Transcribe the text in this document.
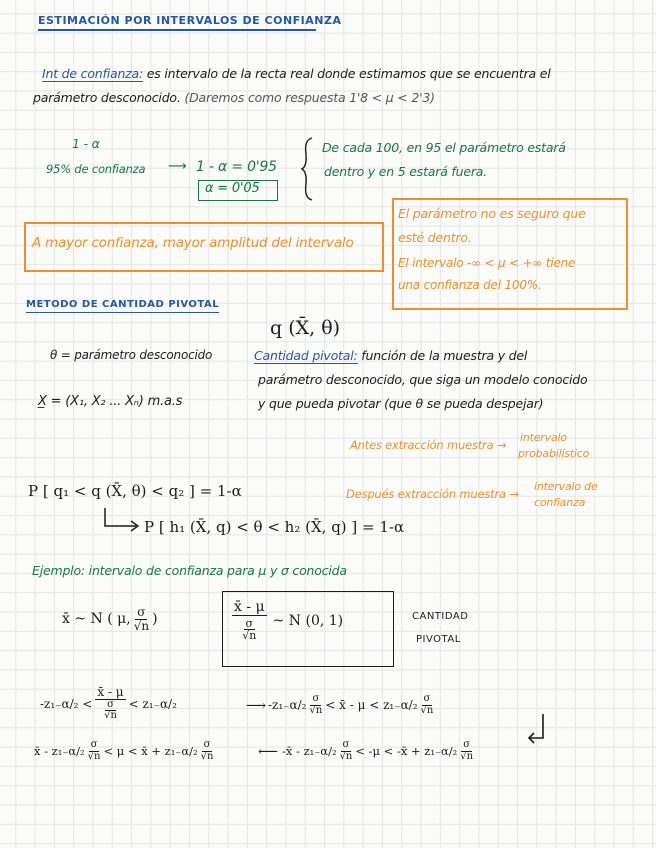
ESTIMACIÓN POR INTERVALOS DE CONFIANZA
Int de confianza: es intervalo de la recta real donde estimamos que se encuentra el
parámetro desconocido. (Daremos como respuesta 1'8 < μ < 2'3)
1 - α
95% de confianza ⟶ 1 - α = 0'95
α = 0'05
De cada 100, en 95 el parámetro estará
dentro y en 5 estará fuera.
El parámetro no es seguro que
esté dentro.
El intervalo -∞ < μ < +∞ tiene
una confianza del 100%.
A mayor confianza, mayor amplitud del intervalo
METODO DE CANTIDAD PIVOTAL
q (X̄, θ)
θ = parámetro desconocido
X̲ = (X₁, X₂ ... Xₙ) m.a.s
Cantidad pivotal: función de la muestra y del
parámetro desconocido, que siga un modelo conocido
y que pueda pivotar (que θ se pueda despejar)
Antes extracción muestra →
intervalo
probabilístico
Después extracción muestra →
intervalo de
confianza
P [ q₁ < q (X̄, θ) < q₂ ] = 1-α
P [ h₁ (X̄, q) < θ < h₂ (X̄, q) ] = 1-α
Ejemplo: intervalo de confianza para μ y σ conocida
x̄ ~ N ( μ, $\frac{\sigma}{√n}$ )	$\frac{x̄ - \mu}{\frac{\sigma}{√n}}$ ~ N (0, 1)	CANTIDAD
PIVOTAL
$-z_{1-}\alpha/_2 < \frac{x̄ - \mu}{\frac{\sigma}{√n}} < z_{1-}\alpha/_2$	⟶ $-z_{1-}\alpha/_2 \frac{\sigma}{√n}$ < x̄ - $\mu < z_{1-}\alpha/_2 \frac{\sigma}{√n}$
x̄ - $z_{1-}\alpha/_2 \frac{\sigma}{√n} < \mu$ < x̄ + $z_{1-}\alpha/_2 \frac{\sigma}{√n}$	⟵ -x̄ - $z_{1-}\alpha/_2 \frac{\sigma}{√n} < -\mu$ < -x̄ + $z_{1-}\alpha/_2 \frac{\sigma}{√n}$
